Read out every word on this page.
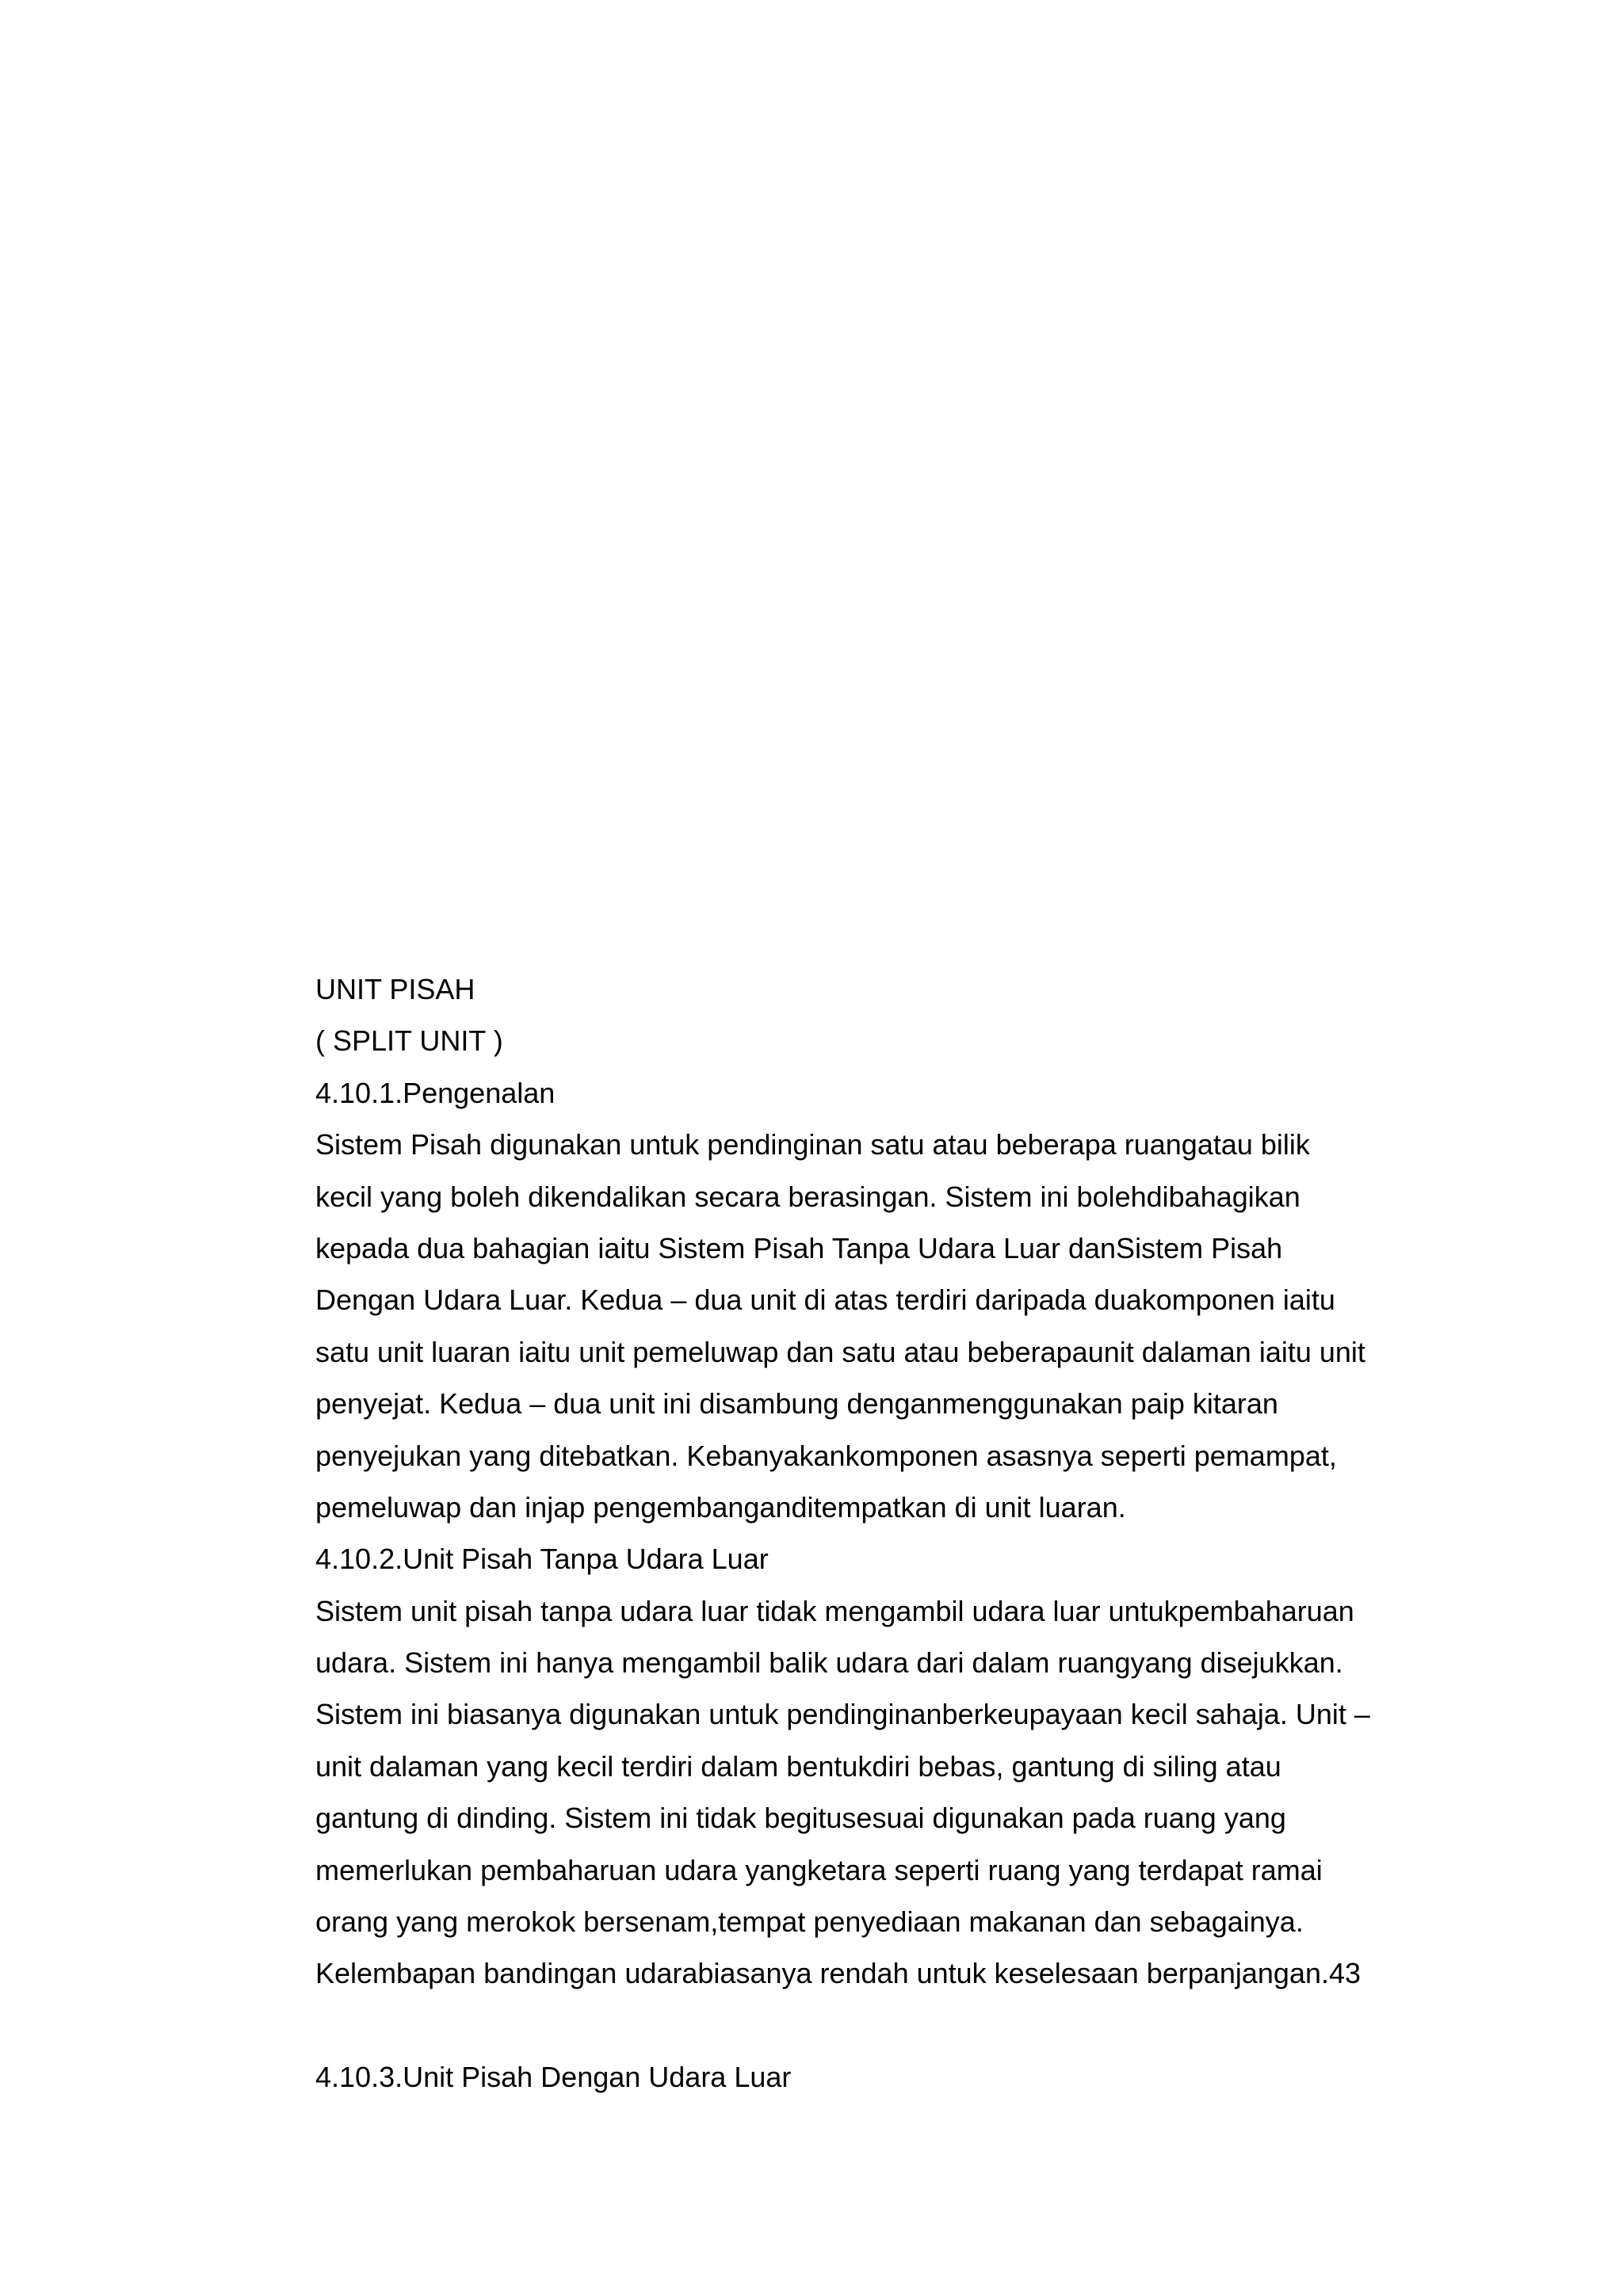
UNIT PISAH
( SPLIT UNIT )
4.10.1.Pengenalan
Sistem Pisah digunakan untuk pendinginan satu atau beberapa ruangatau bilik
kecil yang boleh dikendalikan secara berasingan. Sistem ini bolehdibahagikan
kepada dua bahagian iaitu Sistem Pisah Tanpa Udara Luar danSistem Pisah
Dengan Udara Luar. Kedua – dua unit di atas terdiri daripada duakomponen iaitu
satu unit luaran iaitu unit pemeluwap dan satu atau beberapaunit dalaman iaitu unit
penyejat. Kedua – dua unit ini disambung denganmenggunakan paip kitaran
penyejukan yang ditebatkan. Kebanyakankomponen asasnya seperti pemampat,
pemeluwap dan injap pengembanganditempatkan di unit luaran.
4.10.2.Unit Pisah Tanpa Udara Luar
Sistem unit pisah tanpa udara luar tidak mengambil udara luar untukpembaharuan
udara. Sistem ini hanya mengambil balik udara dari dalam ruangyang disejukkan.
Sistem ini biasanya digunakan untuk pendinginanberkeupayaan kecil sahaja. Unit –
unit dalaman yang kecil terdiri dalam bentukdiri bebas, gantung di siling atau
gantung di dinding. Sistem ini tidak begitusesuai digunakan pada ruang yang
memerlukan pembaharuan udara yangketara seperti ruang yang terdapat ramai
orang yang merokok bersenam,tempat penyediaan makanan dan sebagainya.
Kelembapan bandingan udarabiasanya rendah untuk keselesaan berpanjangan.43
4.10.3.Unit Pisah Dengan Udara Luar
